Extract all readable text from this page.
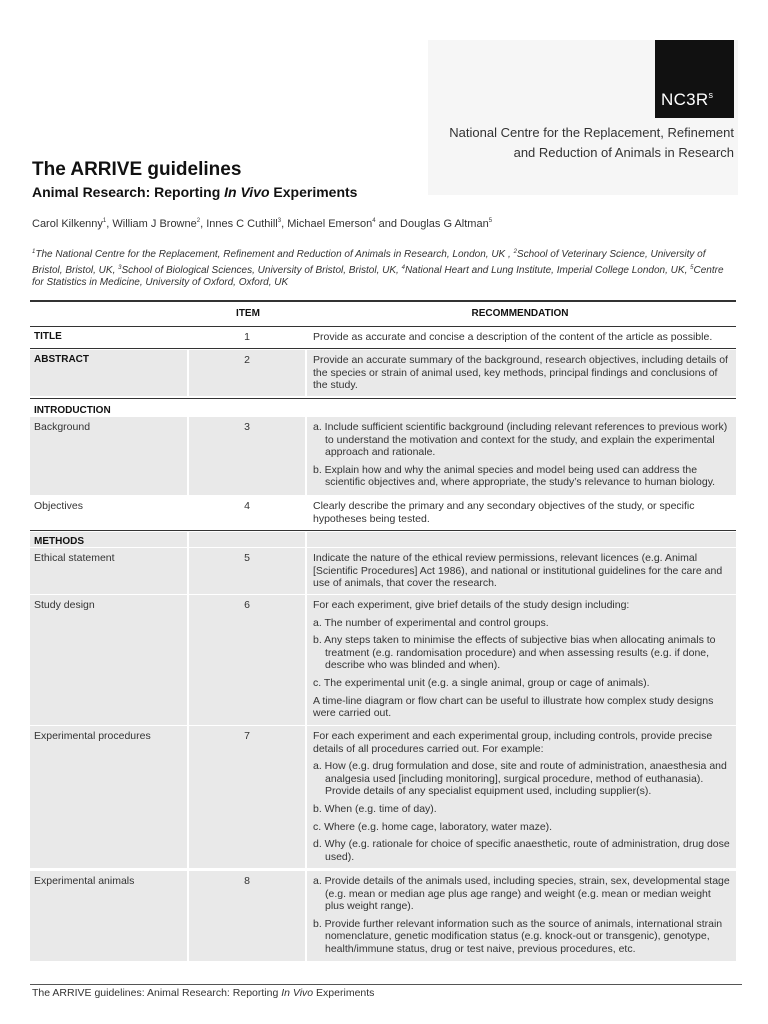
$NC3R^s$
National Centre for the Replacement, Refinement
and Reduction of Animals in Research
The ARRIVE guidelines
Animal Research: Reporting In Vivo Experiments
Carol Kilkenny$^1$, William J Browne$^2$, Innes C Cuthill$^3$, Michael Emerson$^4$ and Douglas G Altman$^5$
$^1$The National Centre for the Replacement, Refinement and Reduction of Animals in Research, London, UK , $^2$School of Veterinary Science, University of Bristol, Bristol, UK, $^3$School of Biological Sciences, University of Bristol, Bristol, UK, $^4$National Heart and Lung Institute, Imperial College London, UK, $^5$Centre for Statistics in Medicine, University of Oxford, Oxford, UK
ITEM	RECOMMENDATION
TITLE	1	Provide as accurate and concise a description of the content of the article as possible.

ABSTRACT	2	Provide an accurate summary of the background, research objectives, including details of the species or strain of animal used, key methods, principal findings and conclusions of the study.

INTRODUCTION
Background	3	a. Include sufficient scientific background (including relevant references to previous work) to understand the motivation and context for the study, and explain the experimental approach and rationale.

b. Explain how and why the animal species and model being used can address the scientific objectives and, where appropriate, the study’s relevance to human biology.

Objectives	4	Clearly describe the primary and any secondary objectives of the study, or specific hypotheses being tested.

METHODS
Ethical statement	5	Indicate the nature of the ethical review permissions, relevant licences (e.g. Animal [Scientific Procedures] Act 1986), and national or institutional guidelines for the care and use of animals, that cover the research.

Study design	6	For each experiment, give brief details of the study design including:

a. The number of experimental and control groups.

b. Any steps taken to minimise the effects of subjective bias when allocating animals to treatment (e.g. randomisation procedure) and when assessing results (e.g. if done, describe who was blinded and when).

c. The experimental unit (e.g. a single animal, group or cage of animals).

A time-line diagram or flow chart can be useful to illustrate how complex study designs were carried out.

Experimental procedures	7	For each experiment and each experimental group, including controls, provide precise details of all procedures carried out. For example:

a. How (e.g. drug formulation and dose, site and route of administration, anaesthesia and analgesia used [including monitoring], surgical procedure, method of euthanasia). Provide details of any specialist equipment used, including supplier(s).

b. When (e.g. time of day).

c. Where (e.g. home cage, laboratory, water maze).

d. Why (e.g. rationale for choice of specific anaesthetic, route of administration, drug dose used).

Experimental animals	8	a. Provide details of the animals used, including species, strain, sex, developmental stage (e.g. mean or median age plus age range) and weight (e.g. mean or median weight plus weight range).

b. Provide further relevant information such as the source of animals, international strain nomenclature, genetic modification status (e.g. knock-out or transgenic), genotype, health/immune status, drug or test naive, previous procedures, etc.

The ARRIVE guidelines: Animal Research: Reporting In Vivo Experiments
